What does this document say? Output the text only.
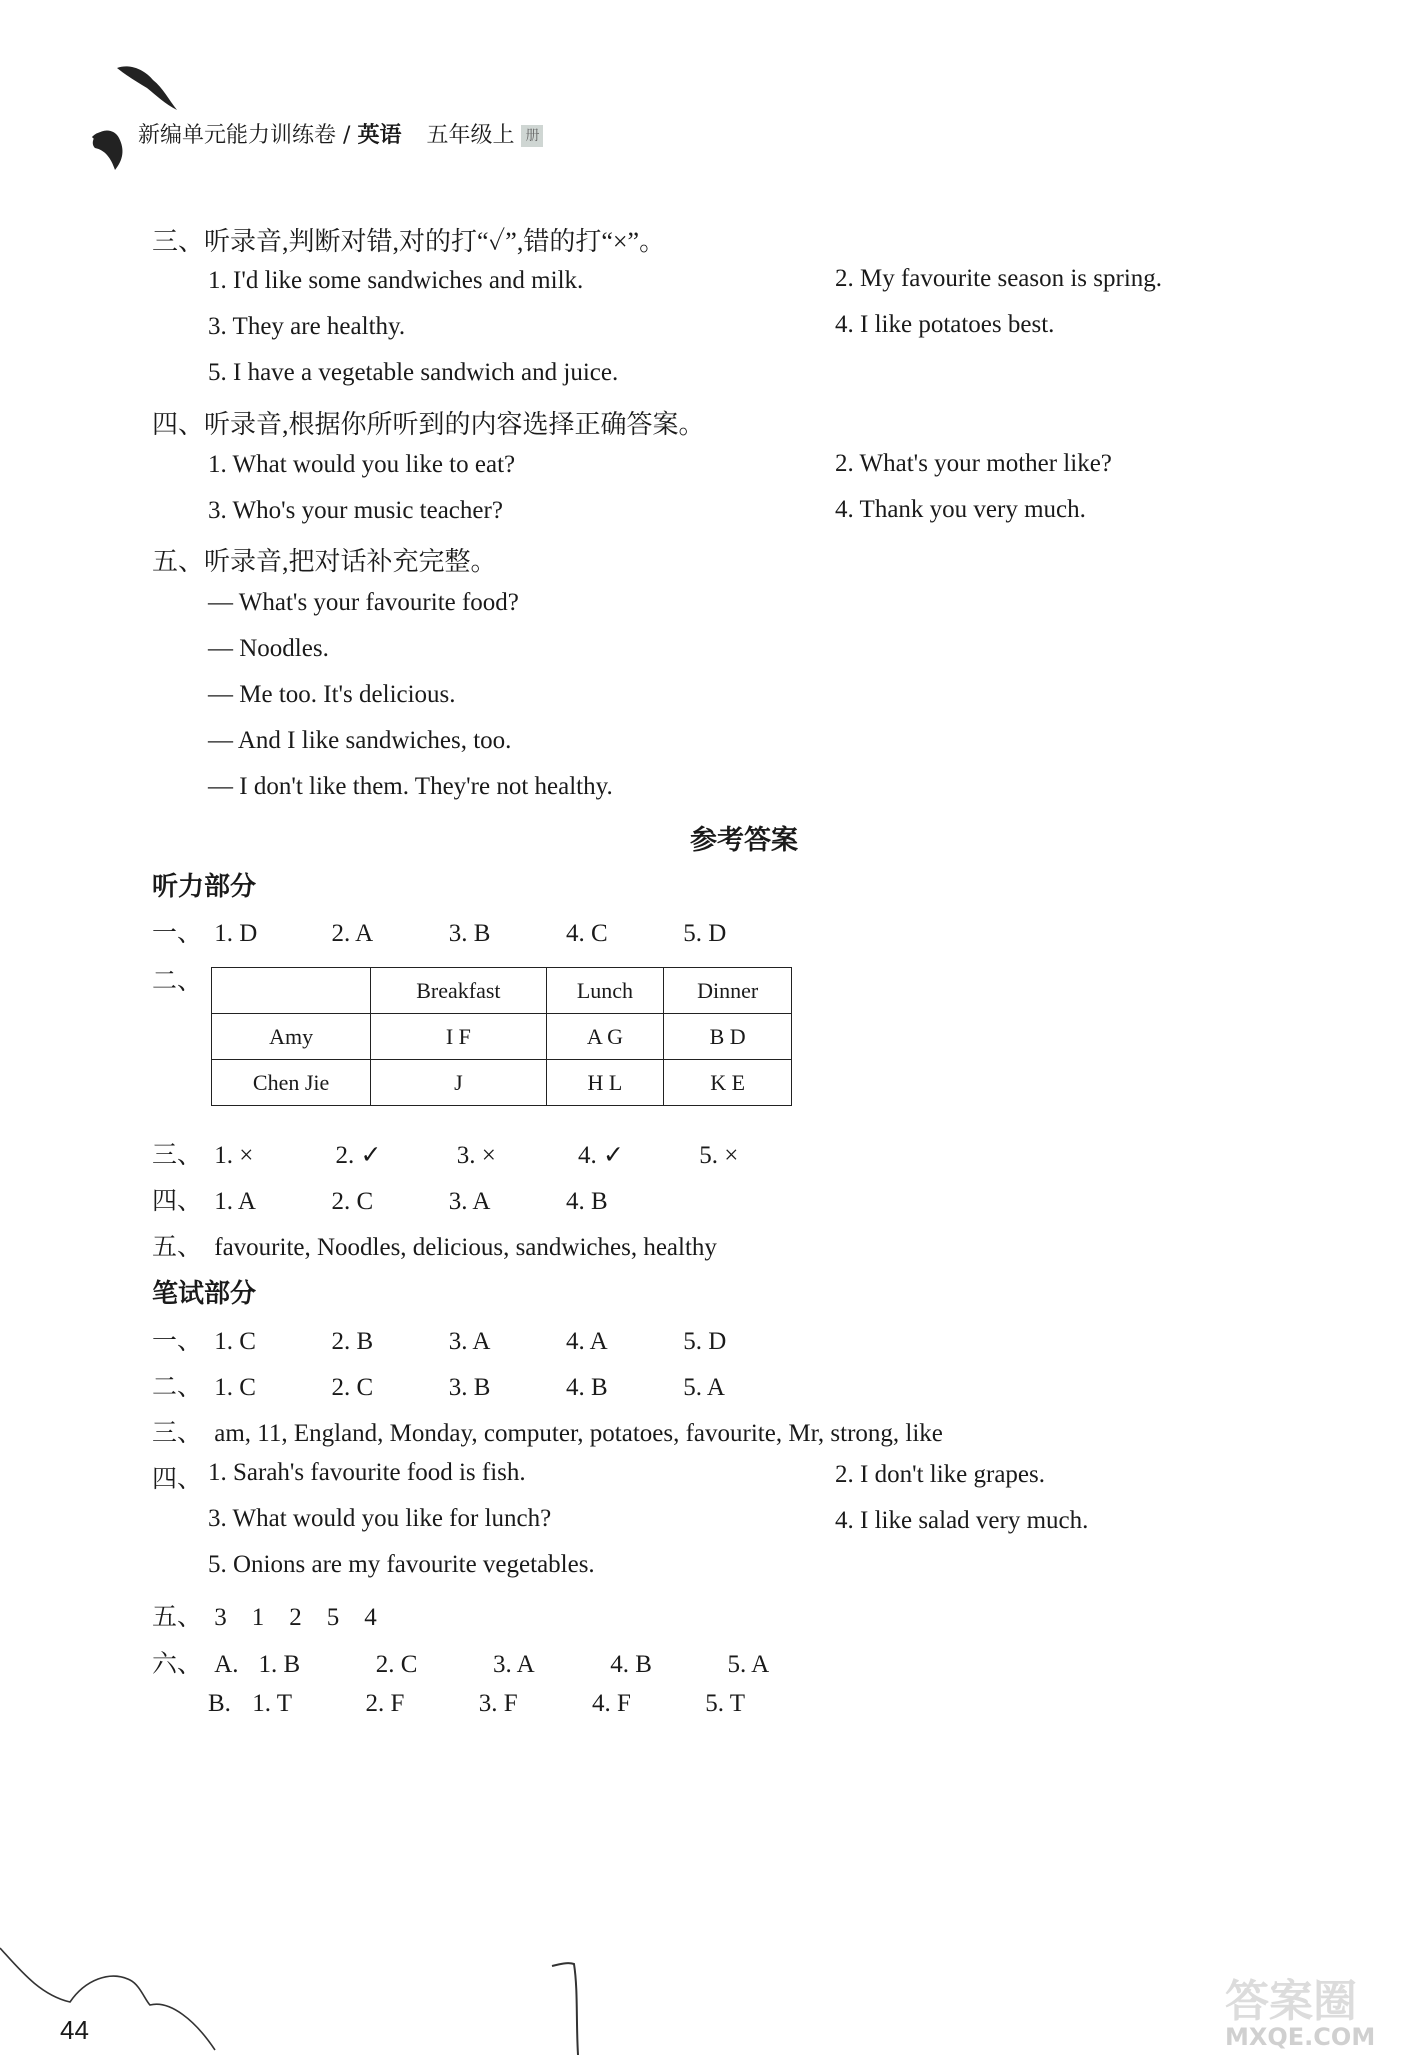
新编单元能力训练卷 / 英语 五年级上 册
三、听录音,判断对错,对的打“✓”,错的打“×”。
1. I'd like some sandwiches and milk.	2. My favourite season is spring.
3. They are healthy.	4. I like potatoes best.
5. I have a vegetable sandwich and juice.
四、听录音,根据你所听到的内容选择正确答案。
1. What would you like to eat?	2. What's your mother like?
3. Who's your music teacher?	4. Thank you very much.
五、听录音,把对话补充完整。
— What's your favourite food?
— Noodles.
— Me too. It's delicious.
— And I like sandwiches, too.
— I don't like them. They're not healthy.
参考答案
听力部分
一、 1. D	2. A	3. B	4. C	5. D
二、
		Breakfast	Lunch	Dinner
Amy	I F	A G	B D
Chen Jie	J	H L	K E
三、 1. ×	2. ✓	3. ×	4. ✓	5. ×
四、 1. A	2. C	3. A	4. B
五、 favourite, Noodles, delicious, sandwiches, healthy
笔试部分
一、 1. C	2. B	3. A	4. A	5. D
二、 1. C	2. C	3. B	4. B	5. A
三、 am, 11, England, Monday, computer, potatoes, favourite, Mr, strong, like
四、 1. Sarah's favourite food is fish.	2. I don't like grapes.
3. What would you like for lunch?	4. I like salad very much.
5. Onions are my favourite vegetables.
五、 3    1    2    5    4
六、 A. 1. B	2. C	3. A	4. B	5. A
B. 1. T	2. F	3. F	4. F	5. T
44
答案圈
MXQE.COM
